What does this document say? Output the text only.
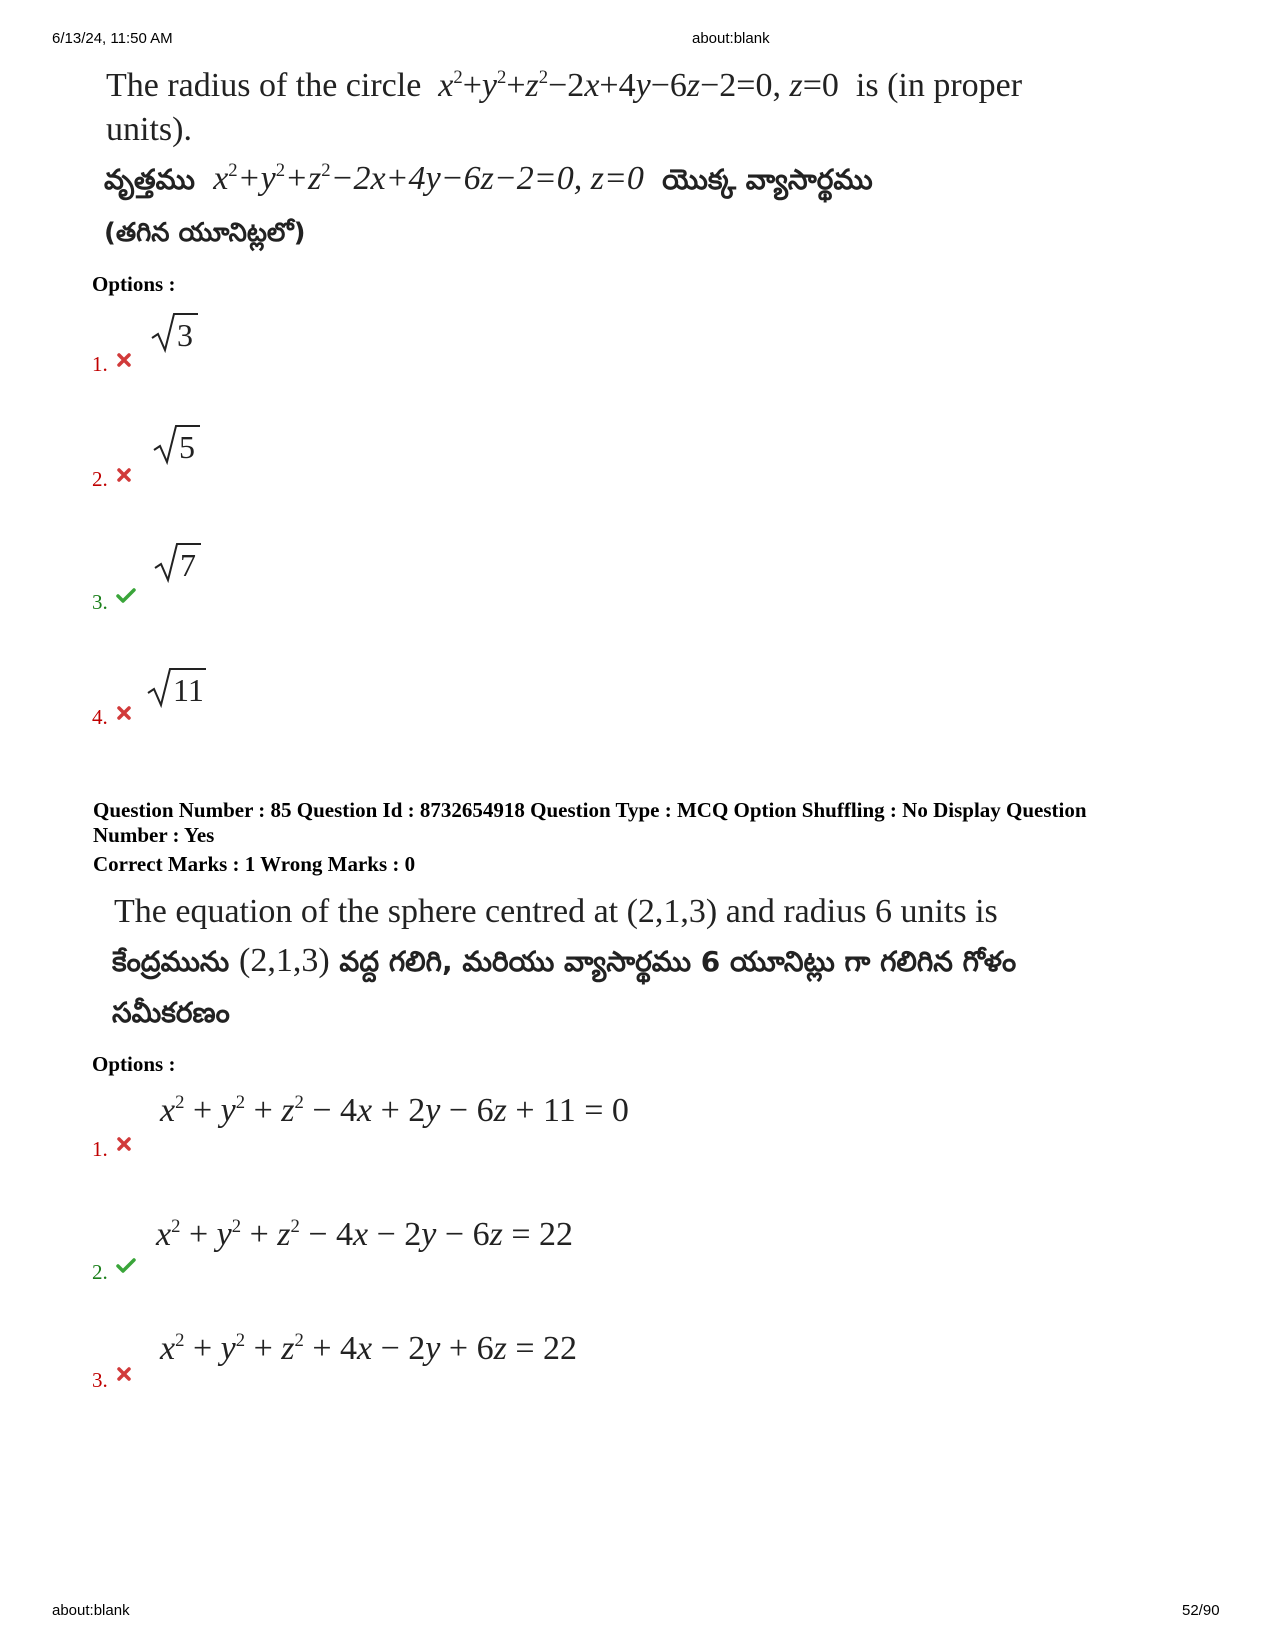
6/13/24, 11:50 AM	about:blank
The radius of the circle  $x^2+y^2+z^2-2x+4y-6z-2=0$, z=0 is (in proper
units).
వృత్తము  $x^2+y^2+z^2-2x+4y-6z-2=0$, z=0 యొక్క వ్యాసార్థము
(తగిన యూనిట్లలో)
Options :
1.
3
2.
5
3.
7
4.
11
Question Number : 85 Question Id : 8732654918 Question Type : MCQ Option Shuffling : No Display Question
Number : Yes
Correct Marks : 1 Wrong Marks : 0
The equation of the sphere centred at (2,1,3) and radius 6 units is
కేంద్రమును (2,1,3) వద్ద గలిగి, మరియు వ్యాసార్థము 6 యూనిట్లు గా గలిగిన గోళం
సమీకరణం
Options :
1.
$x^2 + y^2 + z^2 - 4x + 2y - 6z + 11 = 0$
2.
$x^2 + y^2 + z^2 - 4x - 2y - 6z = 22$
3.
$x^2 + y^2 + z^2 + 4x - 2y + 6z = 22$
about:blank	52/90
